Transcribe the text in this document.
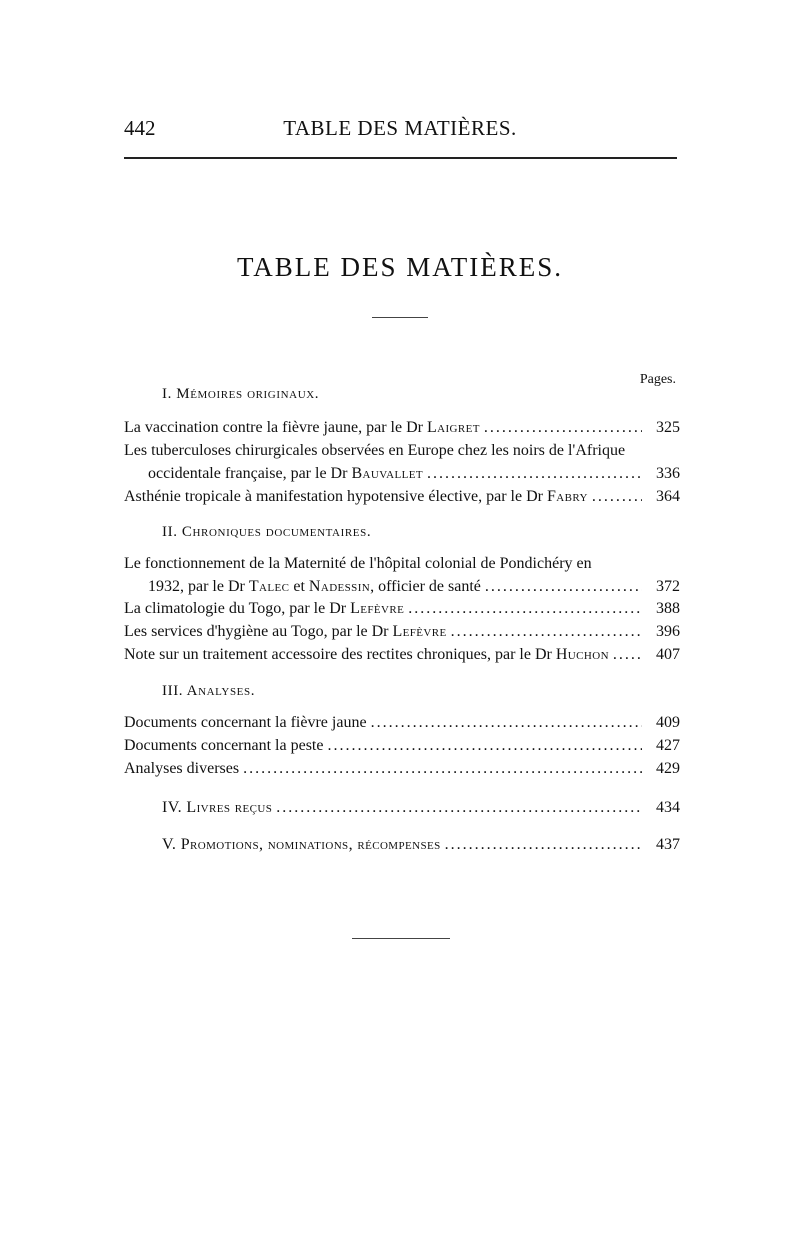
442	TABLE DES MATIÈRES.
TABLE DES MATIÈRES.
Pages.
I. Mémoires originaux.
La vaccination contre la fièvre jaune, par le Dr Laigret . . .	325
Les tuberculoses chirurgicales observées en Europe chez les noirs de l'Afrique
occidentale française, par le Dr Bauvallet . . .	336
Asthénie tropicale à manifestation hypotensive élective, par le Dr Fabry . . .	364
II. Chroniques documentaires.
Le fonctionnement de la Maternité de l'hôpital colonial de Pondichéry en
1932, par le Dr Talec et Nadessin, officier de santé . . .	372
La climatologie du Togo, par le Dr Lefèvre . . .	388
Les services d'hygiène au Togo, par le Dr Lefèvre . . .	396
Note sur un traitement accessoire des rectites chroniques, par le Dr Huchon . . .	407
III. Analyses.
Documents concernant la fièvre jaune . . .	409
Documents concernant la peste . . .	427
Analyses diverses . . .	429
IV. Livres reçus . . .	434
V. Promotions, nominations, récompenses . . .	437
